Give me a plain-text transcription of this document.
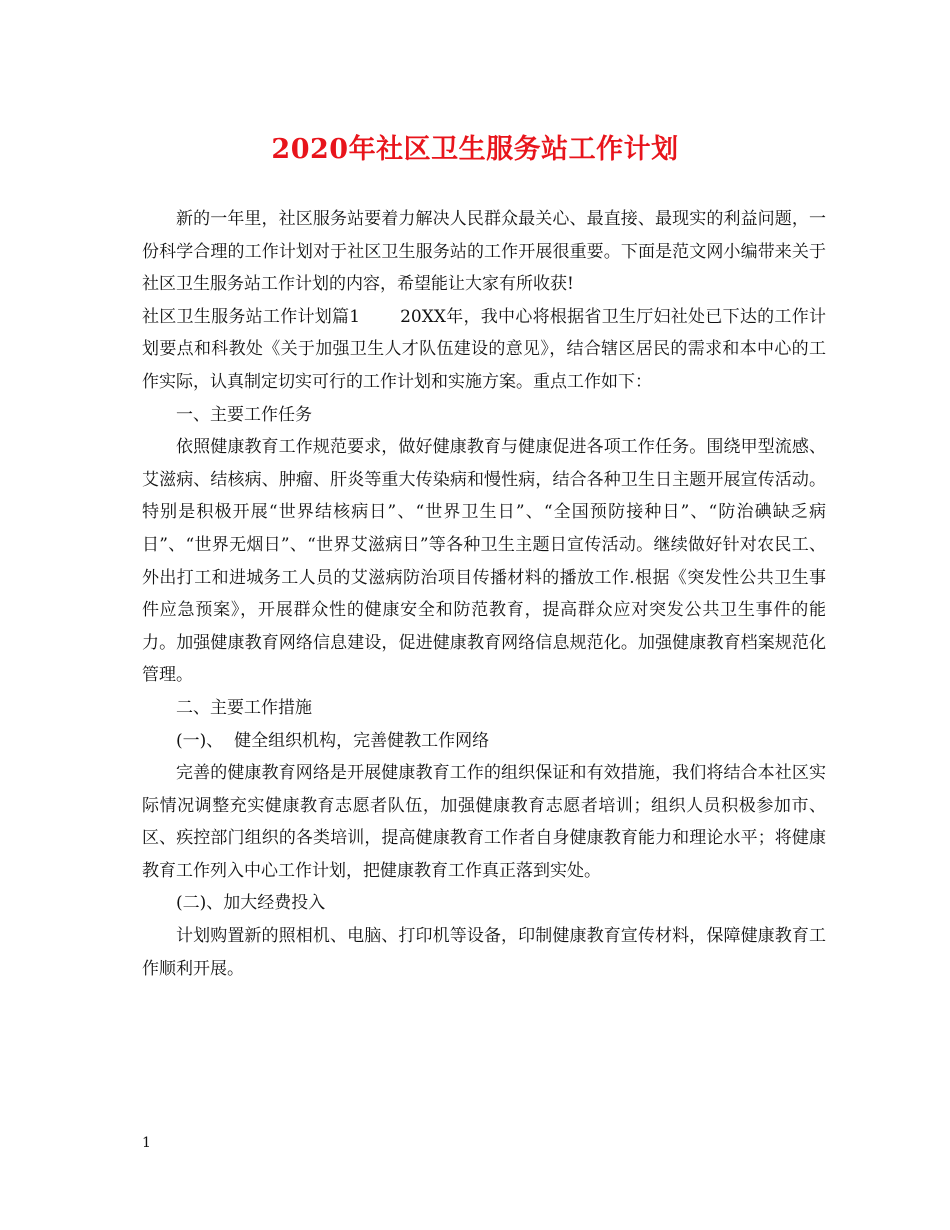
2020年社区卫生服务站工作计划

新的一年里，社区服务站要着力解决人民群众最关心、最直接、最现实的利益问题，一份科学合理的工作计划对于社区卫生服务站的工作开展很重要。下面是范文网小编带来关于社区卫生服务站工作计划的内容，希望能让大家有所收获!

社区卫生服务站工作计划篇1 20XX年，我中心将根据省卫生厅妇社处已下达的工作计划要点和科教处《关于加强卫生人才队伍建设的意见》，结合辖区居民的需求和本中心的工作实际，认真制定切实可行的工作计划和实施方案。重点工作如下：

一、主要工作任务

依照健康教育工作规范要求，做好健康教育与健康促进各项工作任务。围绕甲型流感、艾滋病、结核病、肿瘤、肝炎等重大传染病和慢性病，结合各种卫生日主题开展宣传活动。特别是积极开展“世界结核病日”、“世界卫生日”、“全国预防接种日”、“防治碘缺乏病日”、“世界无烟日”、“世界艾滋病日”等各种卫生主题日宣传活动。继续做好针对农民工、外出打工和进城务工人员的艾滋病防治项目传播材料的播放工作.根据《突发性公共卫生事件应急预案》，开展群众性的健康安全和防范教育，提高群众应对突发公共卫生事件的能力。加强健康教育网络信息建设，促进健康教育网络信息规范化。加强健康教育档案规范化管理。

二、主要工作措施

(一)、  健全组织机构，完善健教工作网络

完善的健康教育网络是开展健康教育工作的组织保证和有效措施，我们将结合本社区实际情况调整充实健康教育志愿者队伍，加强健康教育志愿者培训；组织人员积极参加市、区、疾控部门组织的各类培训，提高健康教育工作者自身健康教育能力和理论水平；将健康教育工作列入中心工作计划，把健康教育工作真正落到实处。

(二)、加大经费投入

计划购置新的照相机、电脑、打印机等设备，印制健康教育宣传材料，保障健康教育工作顺利开展。

1
